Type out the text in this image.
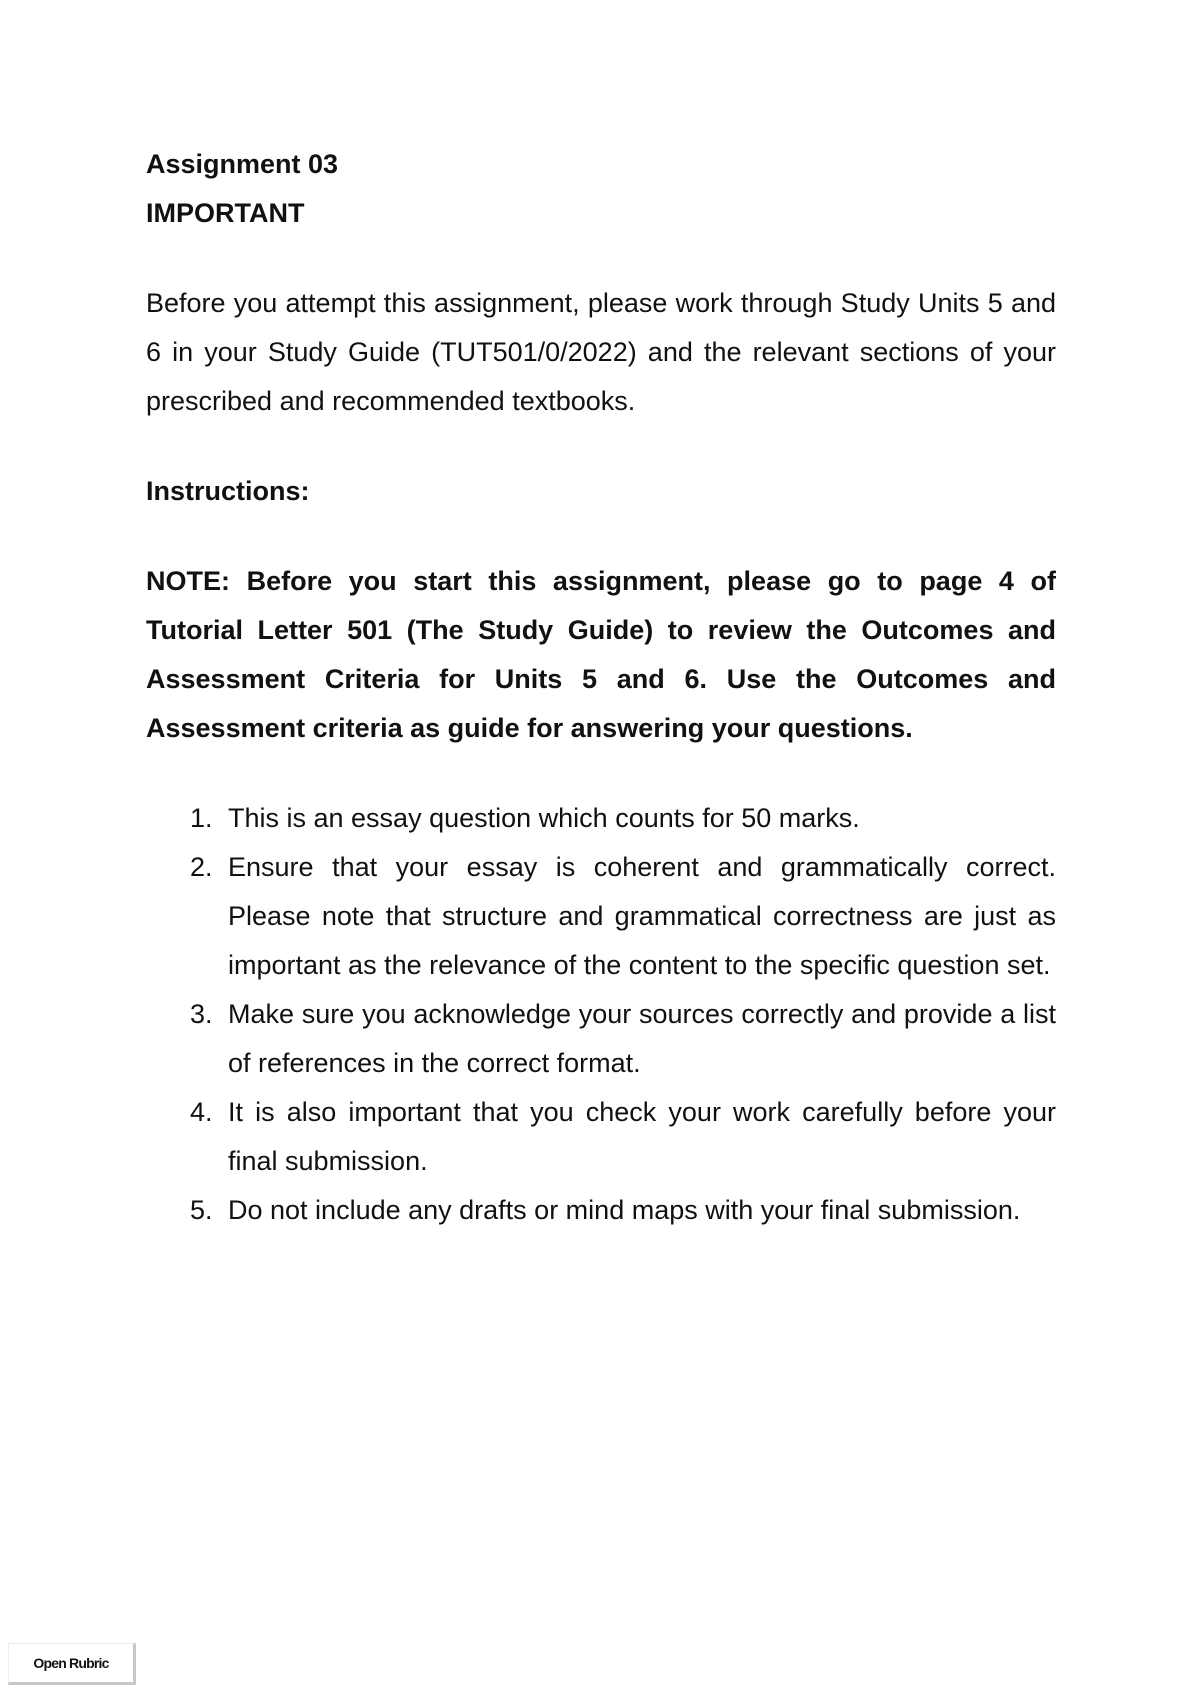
Assignment 03

IMPORTANT

Before you attempt this assignment, please work through Study Units 5 and 6 in your Study Guide (TUT501/0/2022) and the relevant sections of your prescribed and recommended textbooks.

Instructions:

NOTE: Before you start this assignment, please go to page 4 of Tutorial Letter 501 (The Study Guide) to review the Outcomes and Assessment Criteria for Units 5 and 6. Use the Outcomes and Assessment criteria as guide for answering your questions.

1. This is an essay question which counts for 50 marks.
2. Ensure that your essay is coherent and grammatically correct. Please note that structure and grammatical correctness are just as important as the relevance of the content to the specific question set.
3. Make sure you acknowledge your sources correctly and provide a list of references in the correct format.
4. It is also important that you check your work carefully before your final submission.
5. Do not include any drafts or mind maps with your final submission.
Open Rubric
